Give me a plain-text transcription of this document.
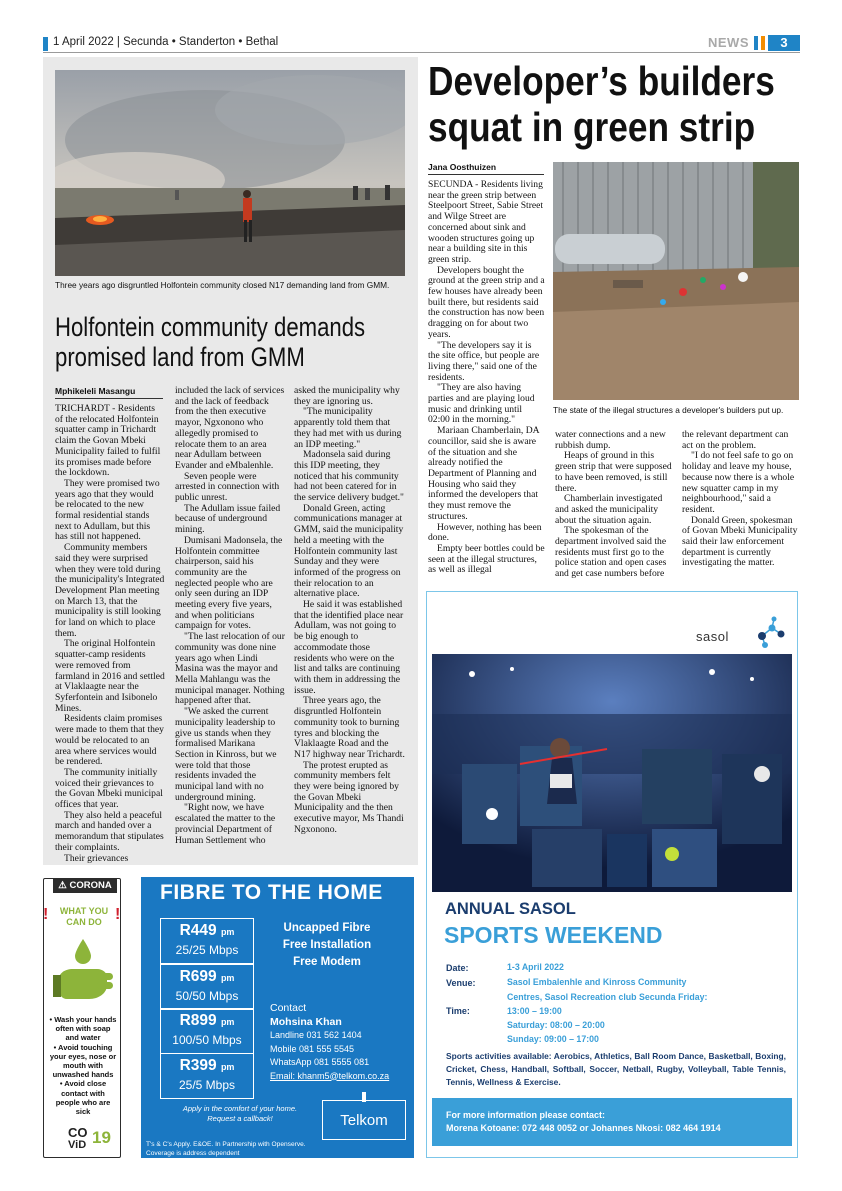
1 April 2022 | Secunda • Standerton • Bethal	NEWS	3
Three years ago disgruntled Holfontein community closed N17 demanding land from GMM.
Holfontein community demands
promised land from GMM
Mphikeleli Masangu

TRICHARDT - Residents of the relocated Holfontein squatter camp in Trichardt claim the Govan Mbeki Municipality failed to fulfil its promises made before the lockdown.

They were promised two years ago that they would be relocated to the new formal residential stands next to Adullam, but this has still not happened.

Community members said they were surprised when they were told during the municipality's Integrated Development Plan meeting on March 13, that the municipality is still looking for land on which to place them.

The original Holfontein squatter-camp residents were removed from farmland in 2016 and settled at Vlaklaagte near the Syferfontein and Isibonelo Mines.

Residents claim promises were made to them that they would be relocated to an area where services would be rendered.

The community initially voiced their grievances to the Govan Mbeki municipal offices that year.

They also held a peaceful march and handed over a memorandum that stipulates their complaints.

Their grievances

included the lack of services and the lack of feedback from the then executive mayor, Ngxonono who allegedly promised to relocate them to an area near Adullam between Evander and eMbalenhle.

Seven people were arrested in connection with public unrest.

The Adullam issue failed because of underground mining.

Dumisani Madonsela, the Holfontein committee chairperson, said his community are the neglected people who are only seen during an IDP meeting every five years, and when politicians campaign for votes.

"The last relocation of our community was done nine years ago when Lindi Masina was the mayor and Mella Mahlangu was the municipal manager. Nothing happened after that.

"We asked the current municipality leadership to give us stands when they formalised Marikana Section in Kinross, but we were told that those residents invaded the municipal land with no underground mining.

"Right now, we have escalated the matter to the provincial Department of Human Settlement who

asked the municipality why they are ignoring us.

"The municipality apparently told them that they had met with us during an IDP meeting."

Madonsela said during this IDP meeting, they noticed that his community had not been catered for in the service delivery budget."

Donald Green, acting communications manager at GMM, said the municipality held a meeting with the Holfontein community last Sunday and they were informed of the progress on their relocation to an alternative place.

He said it was established that the identified place near Adullam, was not going to be big enough to accommodate those residents who were on the list and talks are continuing with them in addressing the issue.

Three years ago, the disgruntled Holfontein community took to burning tyres and blocking the Vlaklaagte Road and the N17 highway near Trichardt.

The protest erupted as community members felt they were being ignored by the Govan Mbeki Municipality and the then executive mayor, Ms Thandi Ngxonono.

Developer’s builders
squat in green strip
Jana Oosthuizen

SECUNDA - Residents living near the green strip between Steelpoort Street, Sabie Street and Wilge Street are concerned about sink and wooden structures going up near a building site in this green strip.

Developers bought the ground at the green strip and a few houses have already been built there, but residents said the construction has now been dragging on for about two years.

"The developers say it is the site office, but people are living there," said one of the residents.

"They are also having parties and are playing loud music and drinking until 02:00 in the morning."

Mariaan Chamberlain, DA councillor, said she is aware of the situation and she already notified the Department of Planning and Housing who said they informed the developers that they must remove the structures.

However, nothing has been done.

Empty beer bottles could be seen at the illegal structures, as well as illegal

The state of the illegal structures a developer's builders put up.

water connections and a new rubbish dump.

Heaps of ground in this green strip that were supposed to have been removed, is still there.

Chamberlain investigated and asked the municipality about the situation again.

The spokesman of the department involved said the residents must first go to the police station and open cases and get case numbers before

the relevant department can act on the problem.

"I do not feel safe to go on holiday and leave my house, because now there is a whole new squatter camp in my neighbourhood," said a resident.

Donald Green, spokesman of Govan Mbeki Municipality said their law enforcement department is currently investigating the matter.

sasol
ANNUAL SASOL
SPORTS WEEKEND
Date:	1-3 April 2022
Venue:	Sasol Embalenhle and Kinross Community
Centres, Sasol Recreation club Secunda Friday:
Time:	13:00 – 19:00
Saturday: 08:00 – 20:00
Sunday: 09:00 – 17:00
Sports activities available: Aerobics, Athletics, Ball Room Dance, Basketball, Boxing, Cricket, Chess, Handball, Softball, Soccer, Netball, Rugby, Volleyball, Table Tennis, Tennis, Wellness & Exercise.
For more information please contact:
Morena Kotoane: 072 448 0052 or Johannes Nkosi: 082 464 1914
⚠ CORONA
!	!
WHAT YOU
CAN DO
• Wash your hands often with soap and water
• Avoid touching your eyes, nose or mouth with unwashed hands
• Avoid close contact with people who are sick
CO
ViD 19
FIBRE TO THE HOME
R449 pm
25/25 Mbps
R699 pm
50/50 Mbps
R899 pm
100/50 Mbps
R399 pm
25/5 Mbps
Uncapped Fibre
Free Installation
Free Modem
Contact
Mohsina Khan
Landline 031 562 1404
Mobile 081 555 5545
WhatsApp 081 5555 081
Email: khanm5@telkom.co.za
Apply in the comfort of your home.
Request a callback!	Telkom
T's & C's Apply. E&OE. In Partnership with Openserve.
Coverage is address dependent
